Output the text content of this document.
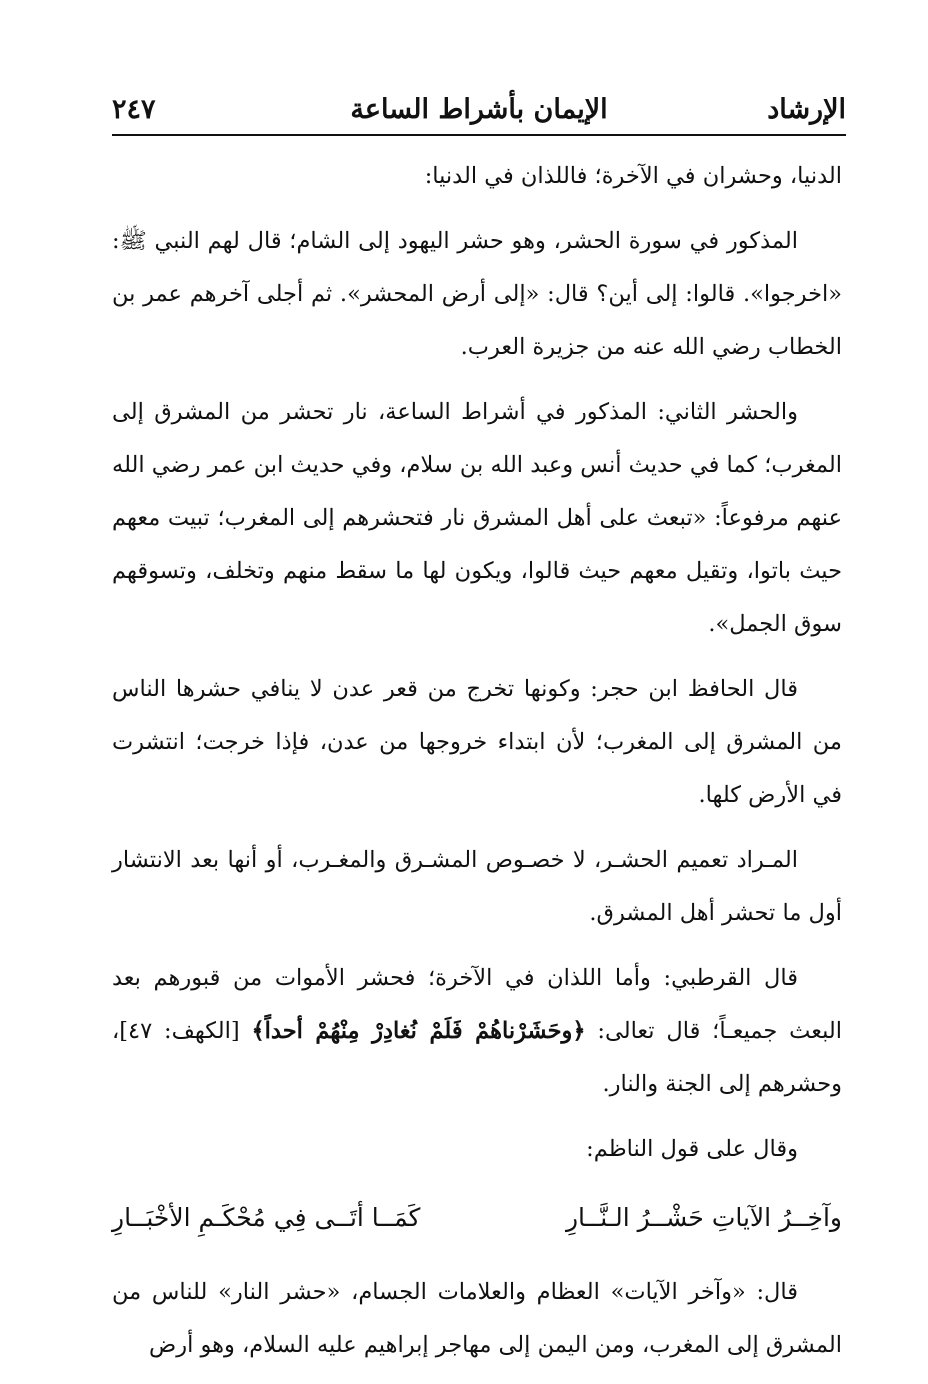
الإيمان بأشراط الساعة	الإرشاد
٢٤٧

الدنيا، وحشران في الآخرة؛ فاللذان في الدنيا:

المذكور في سورة الحشر، وهو حشر اليهود إلى الشام؛ قال لهم النبي ﷺ: «اخرجوا». قالوا: إلى أين؟ قال: «إلى أرض المحشر». ثم أجلى آخرهم عمر بن الخطاب رضي الله عنه من جزيرة العرب.

والحشر الثاني: المذكور في أشراط الساعة، نار تحشر من المشرق إلى المغرب؛ كما في حديث أنس وعبد الله بن سلام، وفي حديث ابن عمر رضي الله عنهم مرفوعاً: «تبعث على أهل المشرق نار فتحشرهم إلى المغرب؛ تبيت معهم حيث باتوا، وتقيل معهم حيث قالوا، ويكون لها ما سقط منهم وتخلف، وتسوقهم سوق الجمل».

قال الحافظ ابن حجر: وكونها تخرج من قعر عدن لا ينافي حشرها الناس من المشرق إلى المغرب؛ لأن ابتداء خروجها من عدن، فإذا خرجت؛ انتشرت في الأرض كلها.

المـراد تعميم الحشـر، لا خصـوص المشـرق والمغـرب، أو أنها بعد الانتشار أول ما تحشر أهل المشرق.

قال القرطبي: وأما اللذان في الآخرة؛ فحشر الأموات من قبورهم بعد البعث جميعـاً؛ قال تعالى: ﴿وحَشَرْناهُمْ فَلَمْ نُغادِرْ مِنْهُمْ أحداً﴾ [الكهف: ٤٧]، وحشرهم إلى الجنة والنار.

وقال على قول الناظم:

وآخِــرُ الآياتِ حَشْــرُ الـنَّــارِ
كَمَــا أتَــى فِي مُحْكَـمِ الأخْبَــارِ

قال: «وآخر الآيات» العظام والعلامات الجسام، «حشر النار» للناس من المشرق إلى المغرب، ومن اليمن إلى مهاجر إبراهيم عليه السلام، وهو أرض
